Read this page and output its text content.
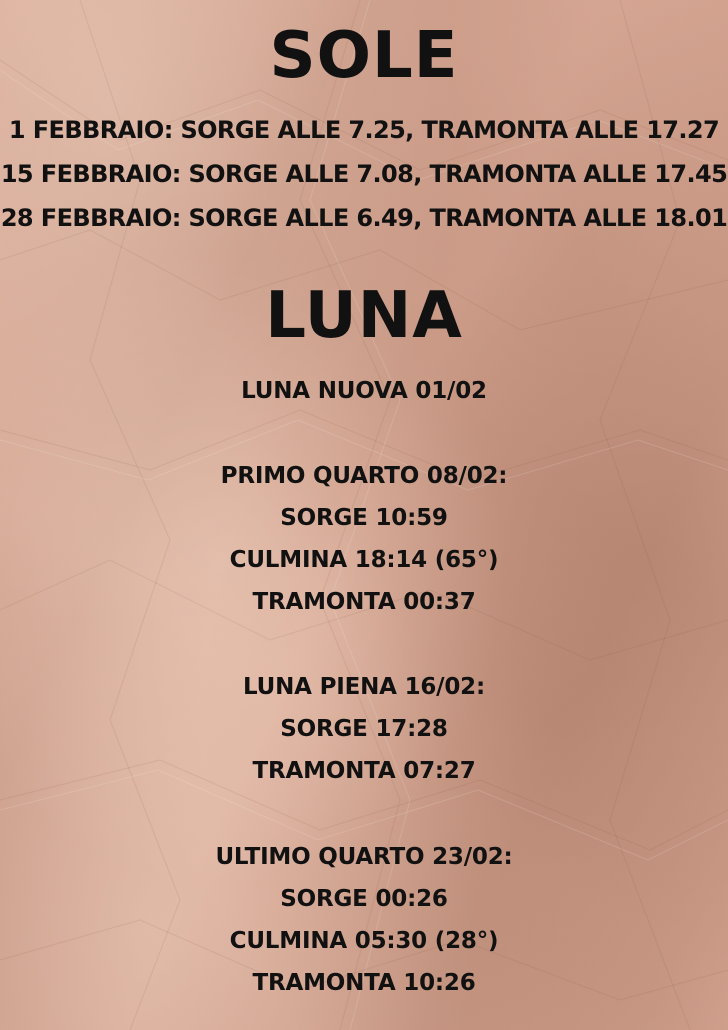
SOLE
1 FEBBRAIO: SORGE ALLE 7.25, TRAMONTA ALLE 17.27
15 FEBBRAIO: SORGE ALLE 7.08, TRAMONTA ALLE 17.45
28 FEBBRAIO: SORGE ALLE 6.49, TRAMONTA ALLE 18.01
LUNA
LUNA NUOVA 01/02
PRIMO QUARTO 08/02:
SORGE 10:59
CULMINA 18:14 (65°)
TRAMONTA 00:37
LUNA PIENA 16/02:
SORGE 17:28
TRAMONTA 07:27
ULTIMO QUARTO 23/02:
SORGE 00:26
CULMINA 05:30 (28°)
TRAMONTA 10:26
